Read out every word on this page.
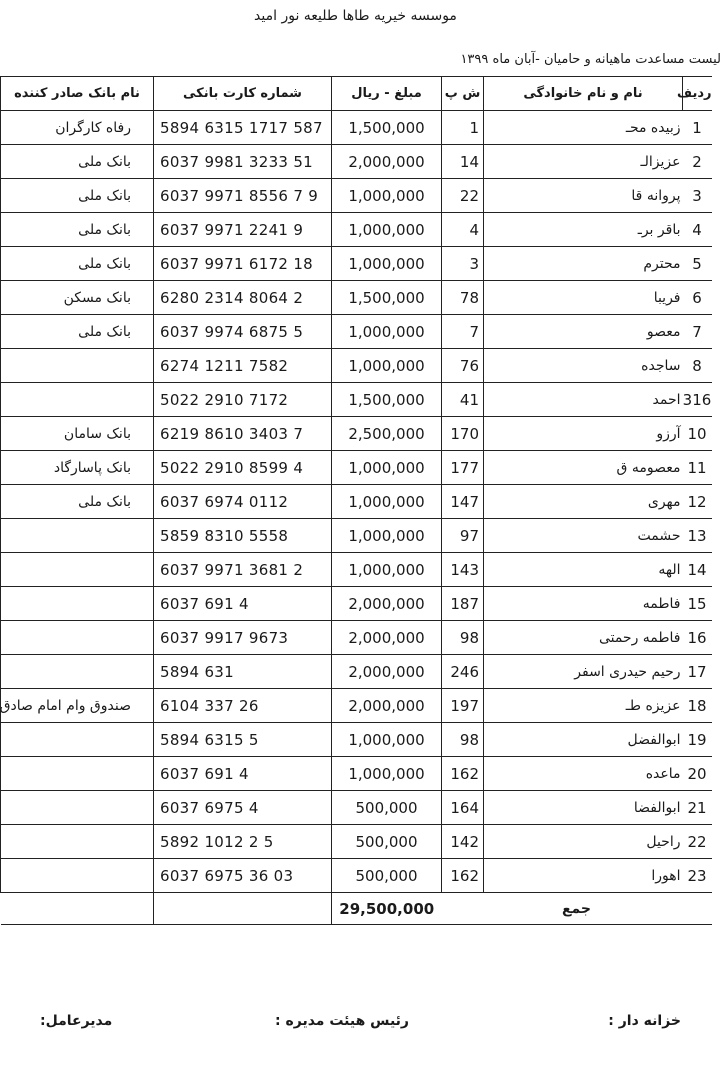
موسسه خیریه طاها طلیعه نور امید
لیست مساعدت ماهیانه و حامیان -آبان ماه ۱۳۹۹
نام بانک صادر کننده	شماره کارت بانکی	مبلغ - ریال	ش پ	نام و نام خانوادگی	ردیف
رفاه کارگران	5894 6315 1717 587	1,500,000	1	زبیده محـ	1
بانک ملی	6037 9981 3233 51	2,000,000	14	عزیزالـ	2
بانک ملی	6037 9971 8556 7 9	1,000,000	22	پروانه قا	3
بانک ملی	6037 9971 2241 9	1,000,000	4	باقر برـ	4
بانک ملی	6037 9971 6172 18	1,000,000	3	محترم	5
بانک مسکن	6280 2314 8064 2	1,500,000	78	فریبا	6
بانک ملی	6037 9974 6875 5	1,000,000	7	معصو	7
	6274 1211 7582	1,000,000	76	ساجده	8
	5022 2910 7172	1,500,000	41	احمد	316
بانک سامان	6219 8610 3403 7	2,500,000	170	آرزو	10
بانک پاسارگاد	5022 2910 8599 4	1,000,000	177	معصومه ق	11
بانک ملی	6037 6974 0112	1,000,000	147	مهری	12
	5859 8310 5558	1,000,000	97	حشمت	13
	6037 9971 3681 2	1,000,000	143	الهه	14
	6037 691 4	2,000,000	187	فاطمه	15
	6037 9917 9673	2,000,000	98	فاطمه رحمتی	16
	5894 631	2,000,000	246	رحیم حیدری اسفر	17
صندوق وام امام صادق	6104 337 26	2,000,000	197	عزیزه طـ	18
	5894 6315 5	1,000,000	98	ابوالفضل	19
	6037 691 4	1,000,000	162	ماعده	20
	6037 6975 4	500,000	164	ابوالفضا	21
	5892 1012 2 5	500,000	142	راحیل	22
	6037 6975 36 03	500,000	162	اهورا	23
		29,500,000	جمع		
خزانه دار :
رئیس هیئت مدیره :
مدیرعامل:
